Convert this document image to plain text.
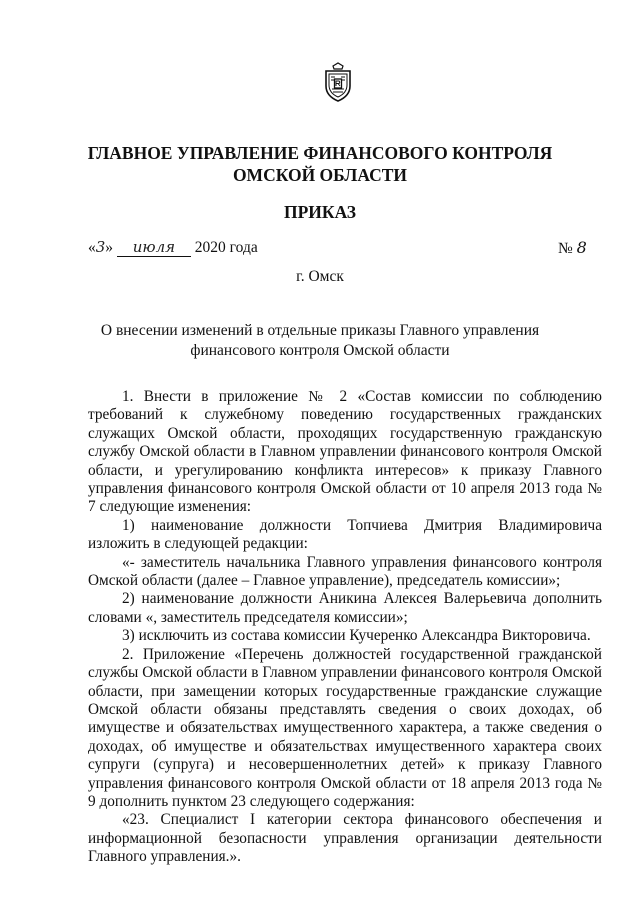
ГЛАВНОЕ УПРАВЛЕНИЕ ФИНАНСОВОГО КОНТРОЛЯ
ОМСКОЙ ОБЛАСТИ
ПРИКАЗ
«3» июля 2020 года	№ 8
г. Омск
О внесении изменений в отдельные приказы Главного управления
финансового контроля Омской области

1. Внести в приложение № 2 «Состав комиссии по соблюдению требований к служебному поведению государственных гражданских служащих Омской области, проходящих государственную гражданскую службу Омской области в Главном управлении финансового контроля Омской области, и урегулированию конфликта интересов» к приказу Главного управления финансового контроля Омской области от 10 апреля 2013 года № 7 следующие изменения:

1) наименование должности Топчиева Дмитрия Владимировича изложить в следующей редакции:

«- заместитель начальника Главного управления финансового контроля Омской области (далее – Главное управление), председатель комиссии»;

2) наименование должности Аникина Алексея Валерьевича дополнить словами «, заместитель председателя комиссии»;

3) исключить из состава комиссии Кучеренко Александра Викторовича.

2. Приложение «Перечень должностей государственной гражданской службы Омской области в Главном управлении финансового контроля Омской области, при замещении которых государственные гражданские служащие Омской области обязаны представлять сведения о своих доходах, об имуществе и обязательствах имущественного характера, а также сведения о доходах, об имуществе и обязательствах имущественного характера своих супруги (супруга) и несовершеннолетних детей» к приказу Главного управления финансового контроля Омской области от 18 апреля 2013 года № 9 дополнить пунктом 23 следующего содержания:

«23. Специалист I категории сектора финансового обеспечения и информационной безопасности управления организации деятельности Главного управления.».
